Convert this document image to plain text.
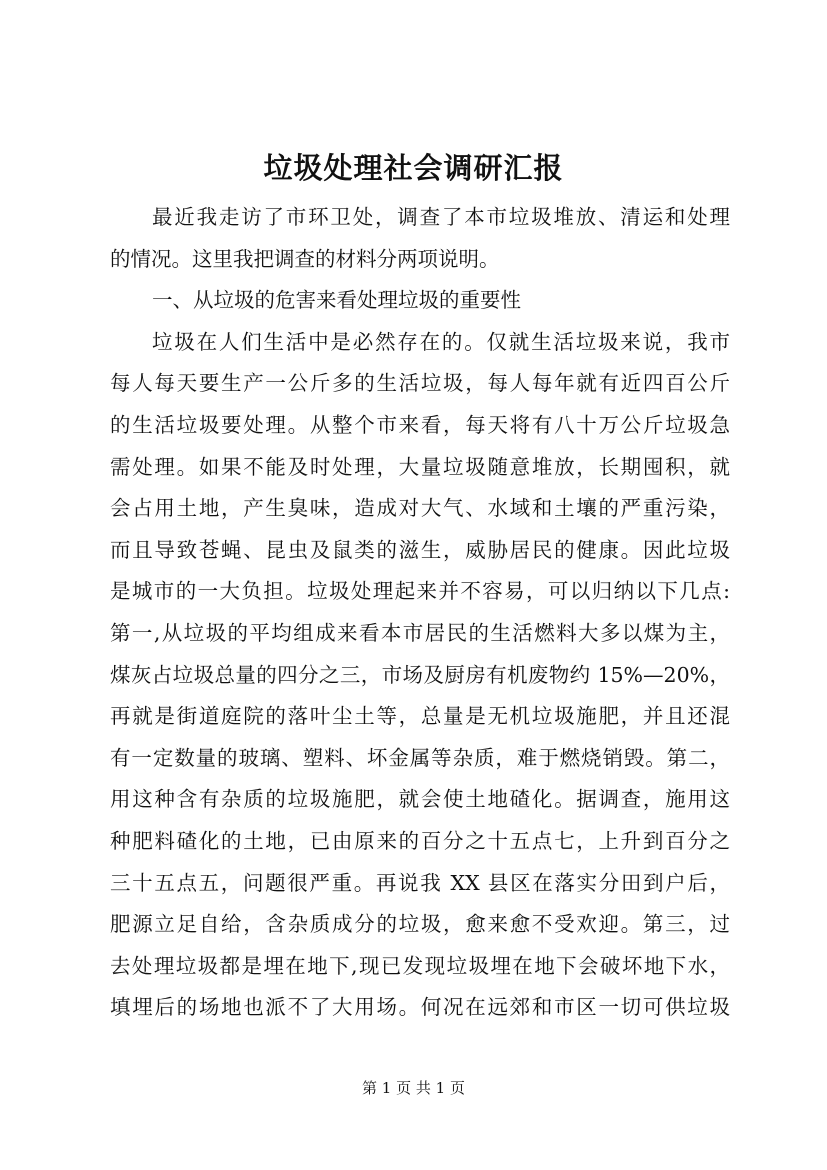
垃圾处理社会调研汇报
最近我走访了市环卫处，调查了本市垃圾堆放、清运和处理
的情况。这里我把调查的材料分两项说明。
一、从垃圾的危害来看处理垃圾的重要性
垃圾在人们生活中是必然存在的。仅就生活垃圾来说，我市
每人每天要生产一公斤多的生活垃圾，每人每年就有近四百公斤
的生活垃圾要处理。从整个市来看，每天将有八十万公斤垃圾急
需处理。如果不能及时处理，大量垃圾随意堆放，长期囤积，就
会占用土地，产生臭味，造成对大气、水域和土壤的严重污染，
而且导致苍蝇、昆虫及鼠类的滋生，威胁居民的健康。因此垃圾
是城市的一大负担。垃圾处理起来并不容易，可以归纳以下几点:
第一,从垃圾的平均组成来看本市居民的生活燃料大多以煤为主，
煤灰占垃圾总量的四分之三，市场及厨房有机废物约 15%—20%，
再就是街道庭院的落叶尘土等，总量是无机垃圾施肥，并且还混
有一定数量的玻璃、塑料、坏金属等杂质，难于燃烧销毁。第二，
用这种含有杂质的垃圾施肥，就会使土地碴化。据调查，施用这
种肥料碴化的土地，已由原来的百分之十五点七，上升到百分之
三十五点五，问题很严重。再说我 XX 县区在落实分田到户后，
肥源立足自给，含杂质成分的垃圾，愈来愈不受欢迎。第三，过
去处理垃圾都是埋在地下,现已发现垃圾埋在地下会破坏地下水，
填埋后的场地也派不了大用场。何况在远郊和市区一切可供垃圾
第 1 页 共 1 页
